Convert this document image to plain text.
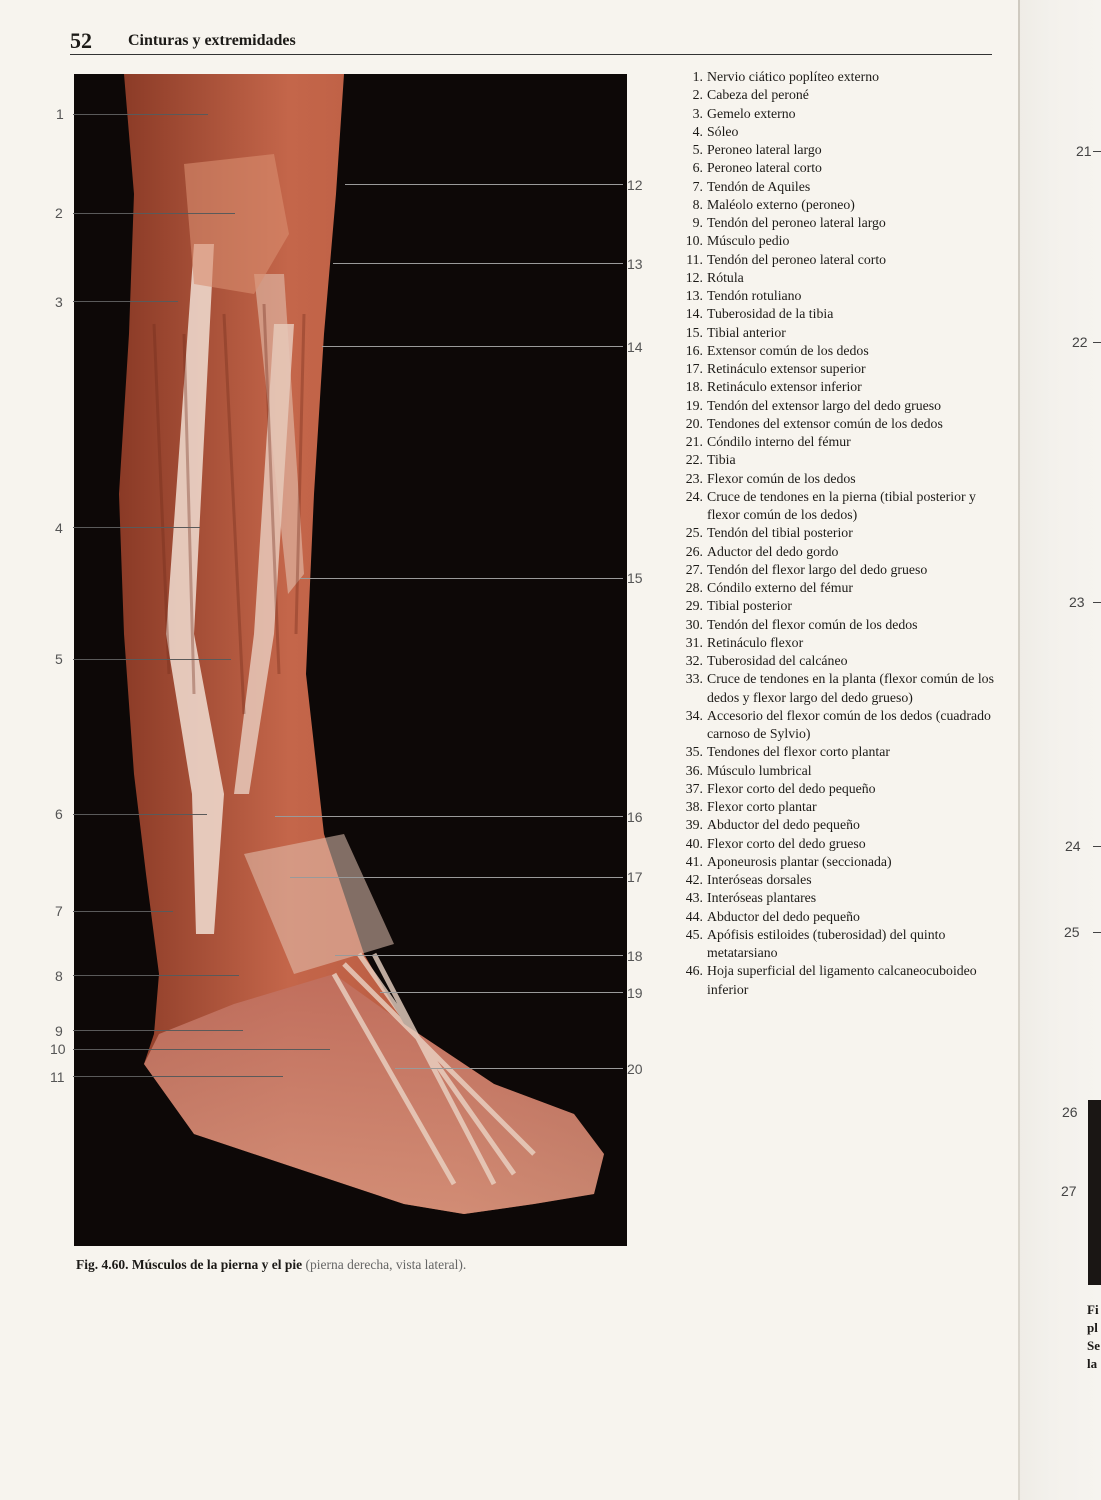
52 Cinturas y extremidades
1
2
3
4
5
6
7
8
9
10
11
12
13
14
15
16
17
18
19
20
Fig. 4.60. Músculos de la pierna y el pie (pierna derecha, vista lateral).
1. Nervio ciático poplíteo externo
2. Cabeza del peroné
3. Gemelo externo
4. Sóleo
5. Peroneo lateral largo
6. Peroneo lateral corto
7. Tendón de Aquiles
8. Maléolo externo (peroneo)
9. Tendón del peroneo lateral largo
10. Músculo pedio
11. Tendón del peroneo lateral corto
12. Rótula
13. Tendón rotuliano
14. Tuberosidad de la tibia
15. Tibial anterior
16. Extensor común de los dedos
17. Retináculo extensor superior
18. Retináculo extensor inferior
19. Tendón del extensor largo del dedo grueso
20. Tendones del extensor común de los dedos
21. Cóndilo interno del fémur
22. Tibia
23. Flexor común de los dedos
24. Cruce de tendones en la pierna (tibial posterior y flexor común de los dedos)
25. Tendón del tibial posterior
26. Aductor del dedo gordo
27. Tendón del flexor largo del dedo grueso
28. Cóndilo externo del fémur
29. Tibial posterior
30. Tendón del flexor común de los dedos
31. Retináculo flexor
32. Tuberosidad del calcáneo
33. Cruce de tendones en la planta (flexor común de los dedos y flexor largo del dedo grueso)
34. Accesorio del flexor común de los dedos (cuadrado carnoso de Sylvio)
35. Tendones del flexor corto plantar
36. Músculo lumbrical
37. Flexor corto del dedo pequeño
38. Flexor corto plantar
39. Abductor del dedo pequeño
40. Flexor corto del dedo grueso
41. Aponeurosis plantar (seccionada)
42. Interóseas dorsales
43. Interóseas plantares
44. Abductor del dedo pequeño
45. Apófisis estiloides (tuberosidad) del quinto metatarsiano
46. Hoja superficial del ligamento calcaneocuboideo inferior
21
22
23
24
25
26
27
Fi
pl
Se
la
